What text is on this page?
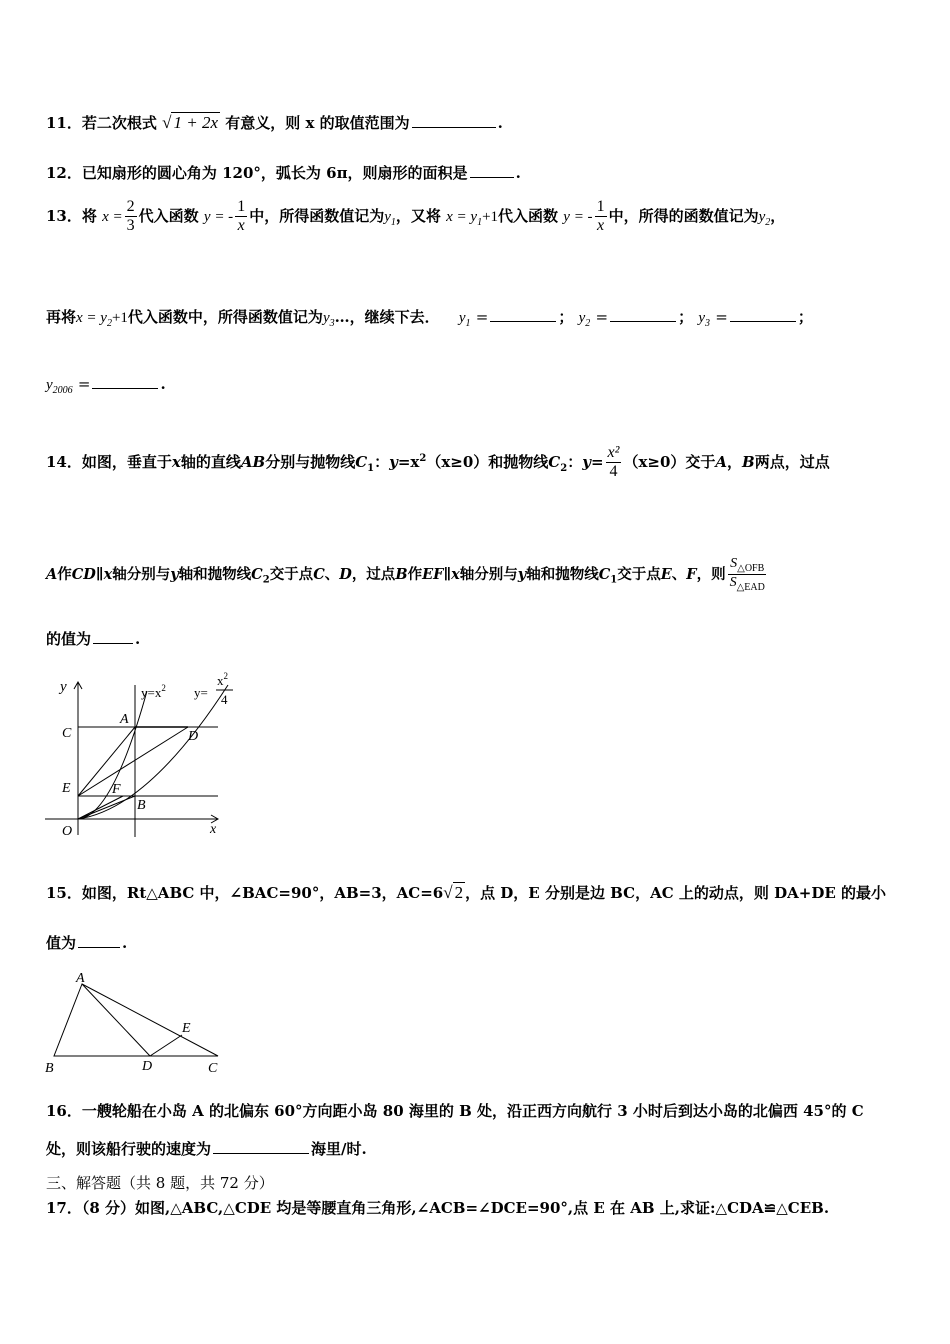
11．若二次根式 √ 1 + 2x 有意义，则 x 的取值范围为	.
12．已知扇形的圆心角为 120°，弧长为 6π，则扇形的面积是	.
13．将 $x = \frac{2}{3}$ 代入函数 y = - $\frac{1}{x}$ 中，所得函数值记为$y_1$，又将 $x = y_1+1$代入函数 y = - $\frac{1}{x}$ 中，所得的函数值记为$y_2$，
再将$x = y_2+1$代入函数中，所得函数值记为$y_3\dots$，继续下去． $y_1$ =	； $y_2$ =	； $y_3$ =	；
$y_{2006}$ =	.
14．如图，垂直于x轴的直线AB分别与抛物线$C_1$：$y=x^2(x\ge 0)$和抛物线$C_2$：$y= \frac{\text{x²}}{4} (x\ge 0)$交于A，B两点，过点
A作CD∥x轴分别与y轴和抛物线$C_2$交于点C、D，过点B作EF∥x轴分别与y轴和抛物线$C_1$交于点E、F，则 $\frac{S_{\triangle OFB}}{S_{\triangle EAD}}$
的值为	.
y
x
O
C
E
A
B
D
F
$y=x^2$ y=
$x^2$
4
15．如图，Rt△ABC 中，∠BAC=90°，AB=3，AC=6√ 2 ，点 D，E 分别是边 BC，AC 上的动点，则 DA+DE 的最小
值为	.
A
B	C
D
E
16．一艘轮船在小岛 A 的北偏东 60°方向距小岛 80 海里的 B 处，沿正西方向航行 3 小时后到达小岛的北偏西 45°的 C
处，则该船行驶的速度为	海里/时.
三、解答题（共 8 题，共 72 分）
17．（8 分）如图,△ABC,△CDE 均是等腰直角三角形,∠ACB=∠DCE=90°,点 E 在 AB 上,求证:△CDA≌△CEB.
